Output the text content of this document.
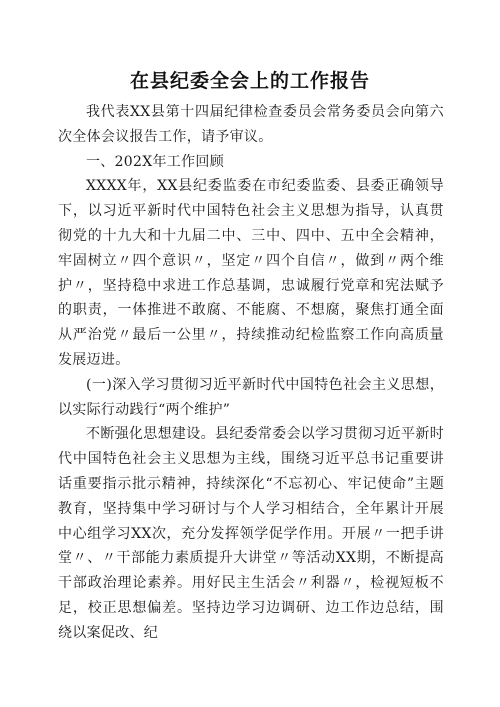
在县纪委全会上的工作报告

我代表XX县第十四届纪律检查委员会常务委员会向第六次全体会议报告工作，请予审议。

一、202X年工作回顾

XXXX年，XX县纪委监委在市纪委监委、县委正确领导下，以习近平新时代中国特色社会主义思想为指导，认真贯彻党的十九大和十九届二中、三中、四中、五中全会精神，牢固树立〃四个意识〃，坚定〃四个自信〃，做到〃两个维护〃，坚持稳中求进工作总基调，忠诚履行党章和宪法赋予的职责，一体推进不敢腐、不能腐、不想腐，聚焦打通全面从严治党〃最后一公里〃，持续推动纪检监察工作向高质量发展迈进。

(一)深入学习贯彻习近平新时代中国特色社会主义思想，以实际行动践行“两个维护”

不断强化思想建设。县纪委常委会以学习贯彻习近平新时代中国特色社会主义思想为主线，围绕习近平总书记重要讲话重要指示批示精神，持续深化“不忘初心、牢记使命”主题教育，坚持集中学习研讨与个人学习相结合，全年累计开展中心组学习XX次，充分发挥领学促学作用。开展〃一把手讲堂〃、〃干部能力素质提升大讲堂〃等活动XX期，不断提高干部政治理论素养。用好民主生活会〃利器〃，检视短板不足，校正思想偏差。坚持边学习边调研、边工作边总结，围绕以案促改、纪
